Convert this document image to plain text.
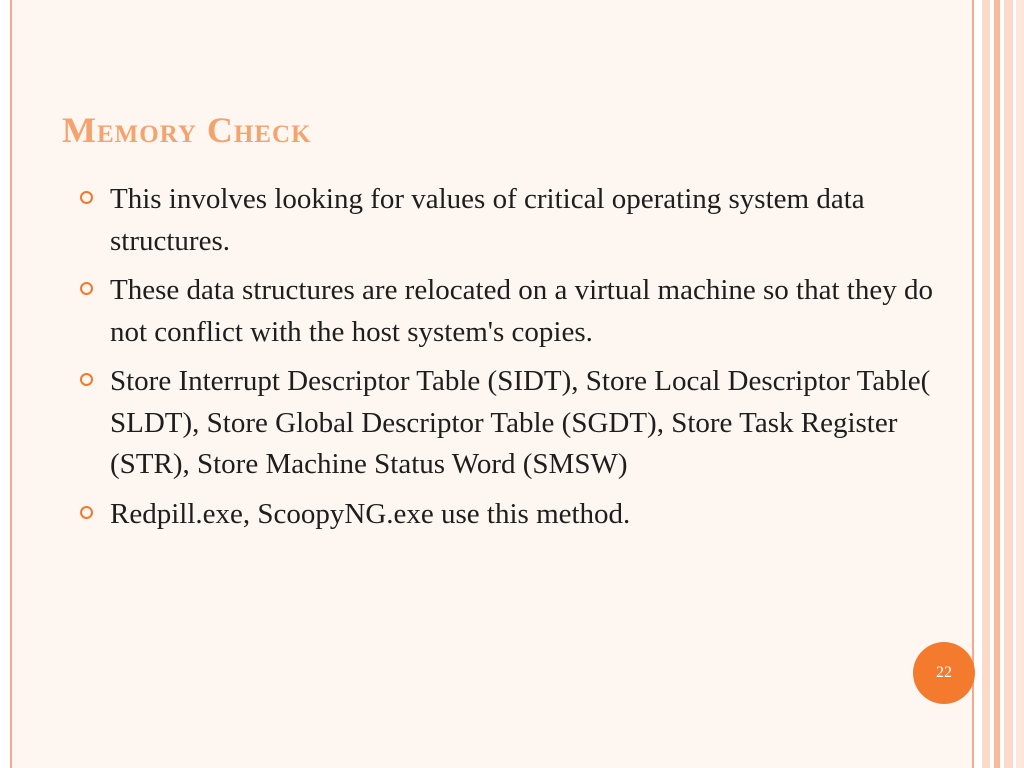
Memory Check
This involves looking for values of critical operating system data structures.
These data structures are relocated on a virtual machine so that they do not conflict with the host system's copies.
Store Interrupt Descriptor Table (SIDT), Store Local Descriptor Table( SLDT), Store Global Descriptor Table (SGDT), Store Task Register (STR), Store Machine Status Word (SMSW)
Redpill.exe, ScoopyNG.exe use this method.
22
